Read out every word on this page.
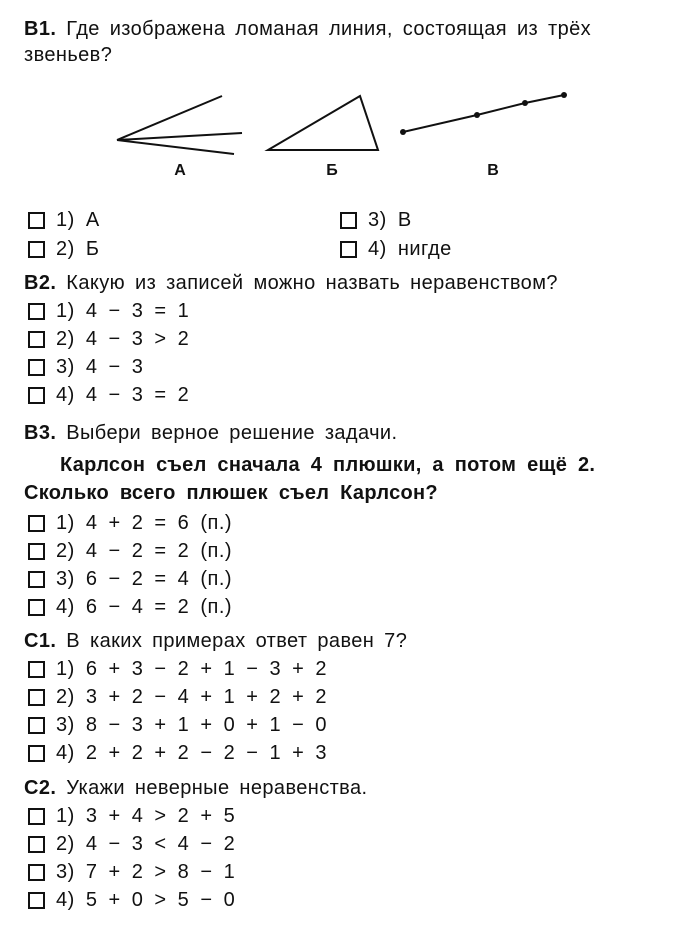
В1. Где изображена ломаная линия, состоящая из трёх звеньев?
А	Б	В
1) А	3) В
2) Б	4) нигде
В2. Какую из записей можно назвать неравенством?
1) 4 − 3 = 1
2) 4 − 3 > 2
3) 4 − 3
4) 4 − 3 = 2
В3. Выбери верное решение задачи.
Карлсон съел сначала 4 плюшки, а потом ещё 2.
Сколько всего плюшек съел Карлсон?
1) 4 + 2 = 6 (п.)
2) 4 − 2 = 2 (п.)
3) 6 − 2 = 4 (п.)
4) 6 − 4 = 2 (п.)
С1. В каких примерах ответ равен 7?
1) 6 + 3 − 2 + 1 − 3 + 2
2) 3 + 2 − 4 + 1 + 2 + 2
3) 8 − 3 + 1 + 0 + 1 − 0
4) 2 + 2 + 2 − 2 − 1 + 3
С2. Укажи неверные неравенства.
1) 3 + 4 > 2 + 5
2) 4 − 3 < 4 − 2
3) 7 + 2 > 8 − 1
4) 5 + 0 > 5 − 0
